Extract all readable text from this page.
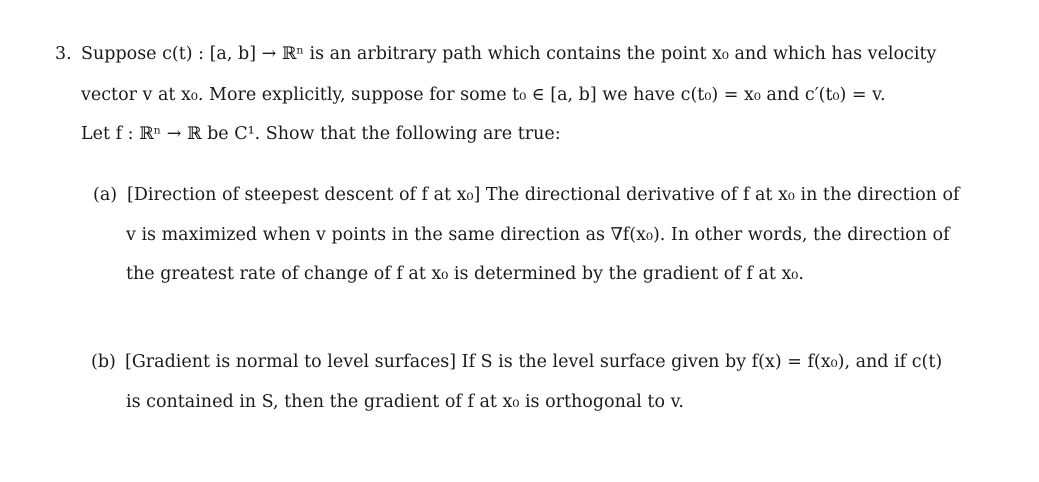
3. Suppose c(t) : [a, b] → ℝⁿ is an arbitrary path which contains the point x₀ and which has velocity
vector v at x₀. More explicitly, suppose for some t₀ ∈ [a, b] we have c(t₀) = x₀ and c′(t₀) = v.
Let f : ℝⁿ → ℝ be C¹. Show that the following are true:
(a) [Direction of steepest descent of f at x₀] The directional derivative of f at x₀ in the direction of
v is maximized when v points in the same direction as ∇f(x₀). In other words, the direction of
the greatest rate of change of f at x₀ is determined by the gradient of f at x₀.
(b) [Gradient is normal to level surfaces] If S is the level surface given by f(x) = f(x₀), and if c(t)
is contained in S, then the gradient of f at x₀ is orthogonal to v.
